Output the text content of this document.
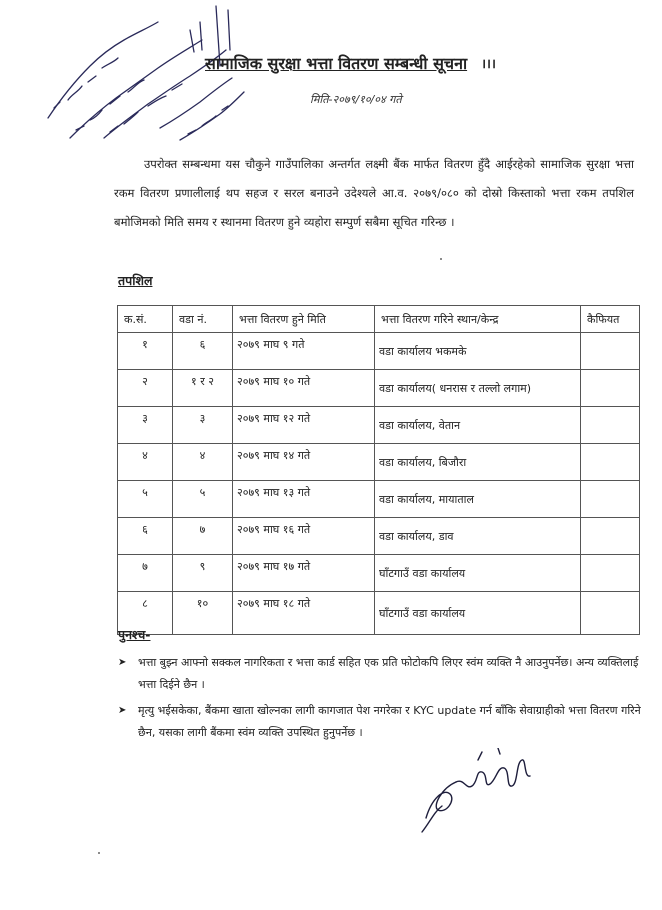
सामाजिक सुरक्षा भत्ता वितरण सम्बन्धी सूचना ।।।
मिति-२०७९/१०/०४ गते

उपरोक्त सम्बन्धमा यस चौकुने गाउँपालिका अन्तर्गत लक्ष्मी बैंक मार्फत वितरण हुँदै आईरहेको सामाजिक सुरक्षा भत्ता रकम वितरण प्रणालीलाई थप सहज र सरल बनाउने उदेश्यले आ.व. २०७९/०८० को दोस्रो किस्ताको भत्ता रकम तपशिल बमोजिमको मिति समय र स्थानमा वितरण हुने व्यहोरा सम्पुर्ण सबैमा सूचित गरिन्छ ।

तपशिल
क.सं.	वडा नं.	भत्ता वितरण हुने मिति	भत्ता वितरण गरिने स्थान/केन्द्र	कैफियत
१	६	२०७९ माघ ९ गते	वडा कार्यालय भकमके	
२	१ र २	२०७९ माघ १० गते	वडा कार्यालय( धनरास र तल्लो लगाम)	
३	३	२०७९ माघ १२ गते	वडा कार्यालय, वेतान	
४	४	२०७९ माघ १४ गते	वडा कार्यालय, बिजौरा	
५	५	२०७९ माघ १३ गते	वडा कार्यालय, मायाताल	
६	७	२०७९ माघ १६ गते	वडा कार्यालय, डाव	
७	९	२०७९ माघ १७ गते	घाँटगाउँ वडा कार्यालय	
८	१०	२०७९ माघ १८ गते	घाँटगाउँ वडा कार्यालय	
पुनश्च-
➤ भत्ता बुझ्न आफ्नो सक्कल नागरिकता र भत्ता कार्ड सहित एक प्रति फोटोकपि लिएर स्वंम व्यक्ति नै आउनुपर्नेछ। अन्य व्यक्तिलाई भत्ता दिईने छैन ।
➤ मृत्यु भईसकेका, बैंकमा खाता खोल्नका लागी कागजात पेश नगरेका र KYC update गर्न बाँकि सेवाग्राहीको भत्ता वितरण गरिने छैन, यसका लागी बैंकमा स्वंम व्यक्ति उपस्थित हुनुपर्नेछ ।
